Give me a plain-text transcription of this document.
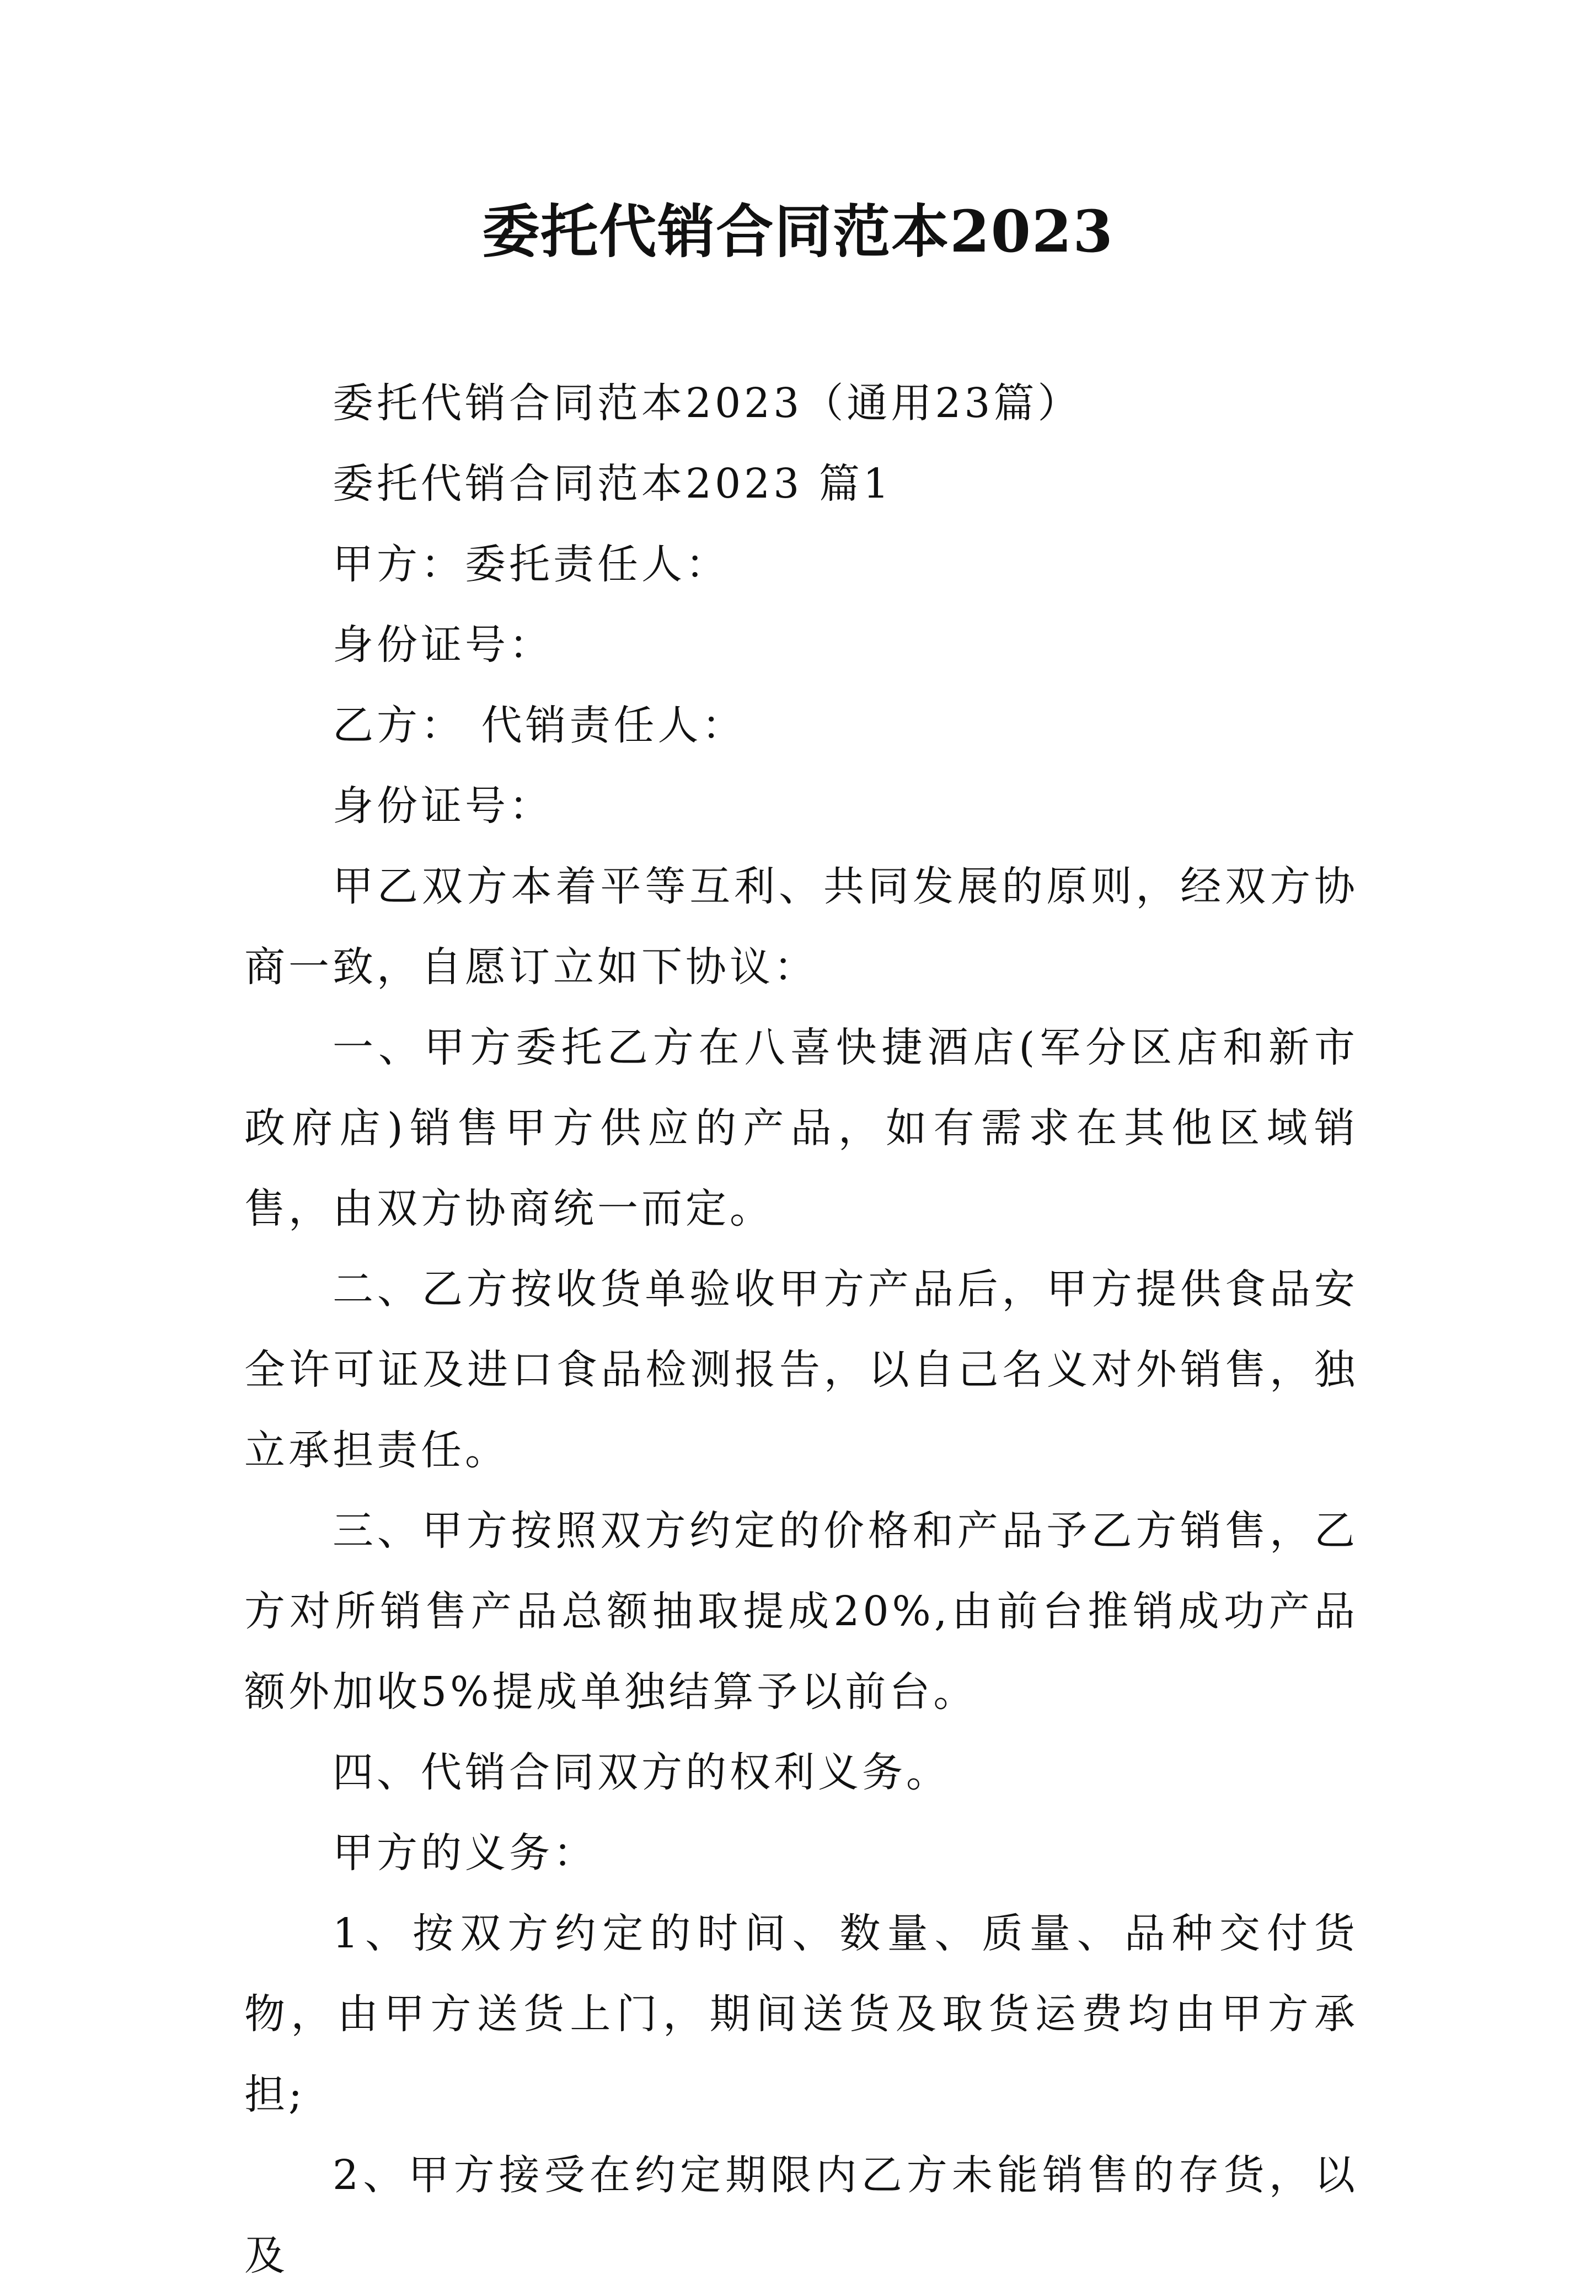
委托代销合同范本2023

委托代销合同范本2023（通用23篇）

委托代销合同范本2023 篇1

甲方：委托责任人：

身份证号：

乙方： 代销责任人：

身份证号：

甲乙双方本着平等互利、共同发展的原则，经双方协商一致，自愿订立如下协议：

一、甲方委托乙方在八喜快捷酒店(军分区店和新市政府店)销售甲方供应的产品，如有需求在其他区域销售，由双方协商统一而定。

二、乙方按收货单验收甲方产品后，甲方提供食品安全许可证及进口食品检测报告，以自己名义对外销售，独立承担责任。

三、甲方按照双方约定的价格和产品予乙方销售，乙方对所销售产品总额抽取提成20%,由前台推销成功产品额外加收5%提成单独结算予以前台。

四、代销合同双方的权利义务。

甲方的义务：

1、按双方约定的时间、数量、质量、品种交付货物，由甲方送货上门，期间送货及取货运费均由甲方承担;

2、甲方接受在约定期限内乙方未能销售的存货，以及
